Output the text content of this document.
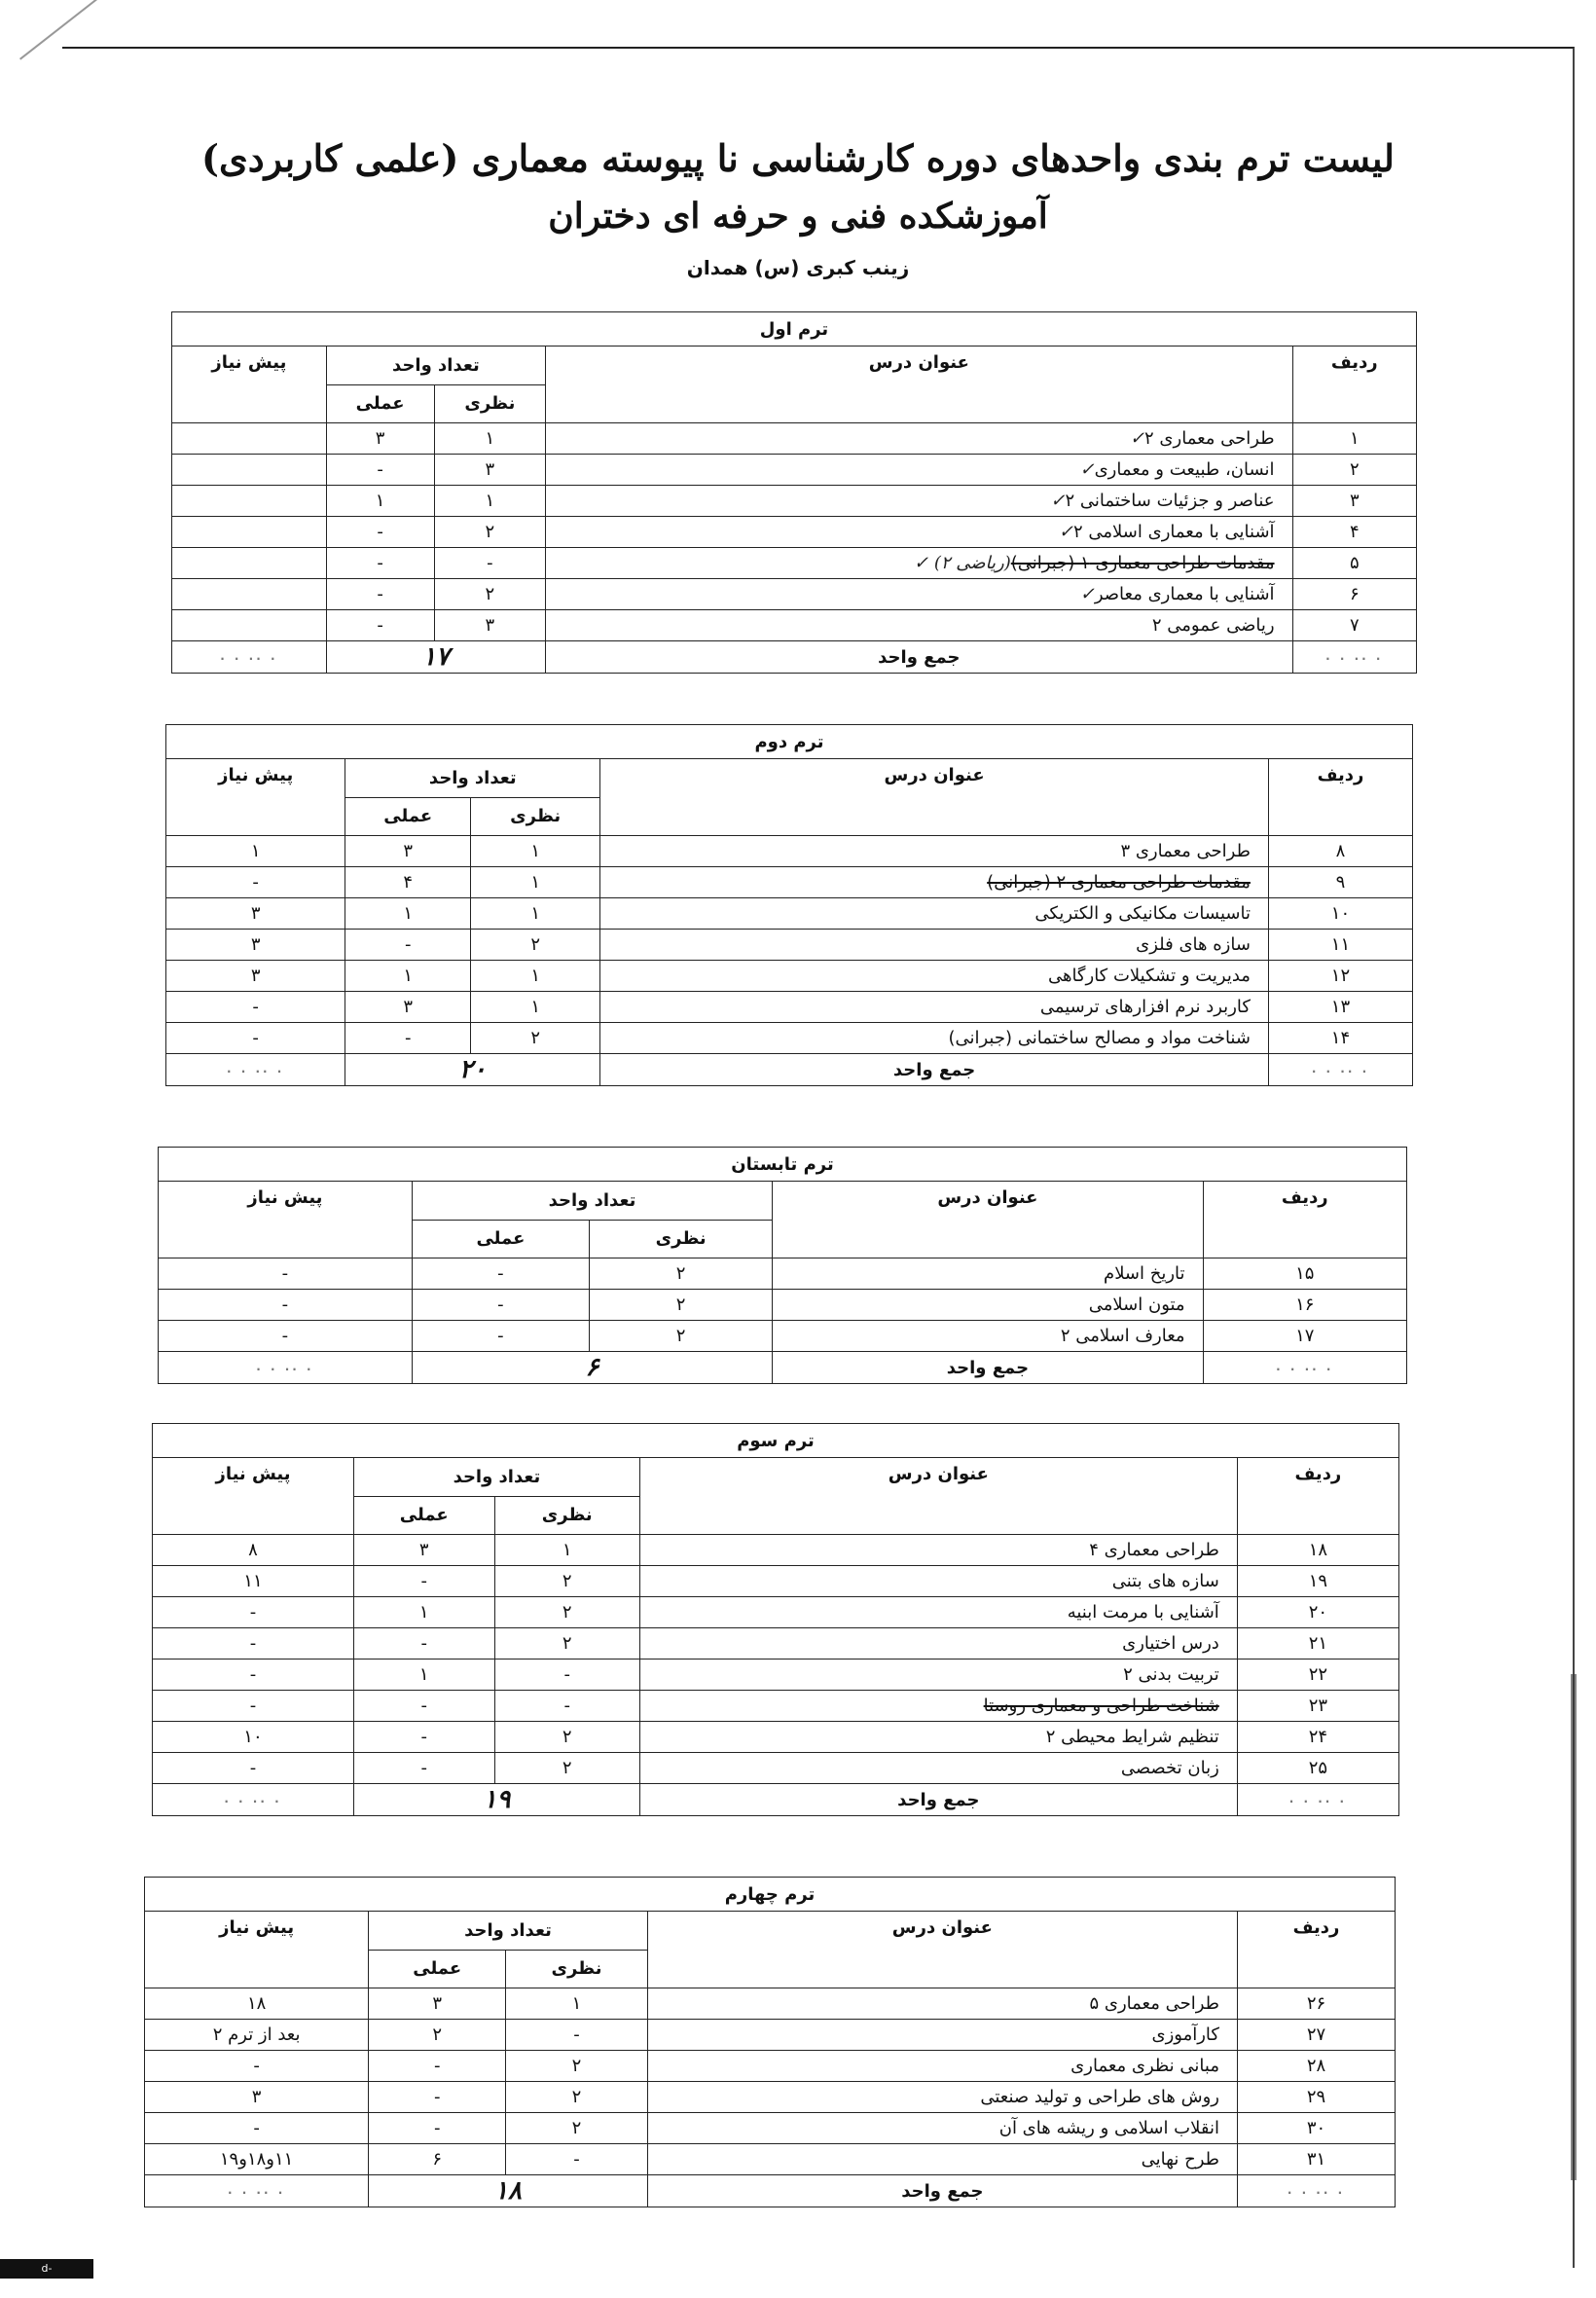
لیست ترم بندی واحدهای دوره کارشناسی نا پیوسته معماری (علمی کاربردی)

آموزشکده فنی و حرفه ای دختران

زینب کبری (س) همدان

ترم اول				
ردیف	عنوان درس	تعداد واحد		پیش نیاز
		نظری	عملی	
۱	طراحی معماری ۲✓	۱	۳	
۲	انسان، طبیعت و معماری✓	۳	-	
۳	عناصر و جزئیات ساختمانی ۲✓	۱	۱	
۴	آشنایی با معماری اسلامی ۲✓	۲	-	
۵	مقدمات طراحی معماری ۱ (جبرانی)(ریاضی ۲) ✓	-	-	
۶	آشنایی با معماری معاصر✓	۲	-	
۷	ریاضی عمومی ۲	۳	-	
· ·· · ·	جمع واحد	۱۷		· ·· · ·
ترم دوم				
ردیف	عنوان درس	تعداد واحد		پیش نیاز
		نظری	عملی	
۸	طراحی معماری ۳	۱	۳	۱
۹	مقدمات طراحی معماری ۲ (جبرانی)	۱	۴	-
۱۰	تاسیسات مکانیکی و الکتریکی	۱	۱	۳
۱۱	سازه های فلزی	۲	-	۳
۱۲	مدیریت و تشکیلات کارگاهی	۱	۱	۳
۱۳	کاربرد نرم افزارهای ترسیمی	۱	۳	-
۱۴	شناخت مواد و مصالح ساختمانی (جبرانی)	۲	-	-
· ·· · ·	جمع واحد	۲۰		· ·· · ·
ترم تابستان				
ردیف	عنوان درس	تعداد واحد		پیش نیاز
		نظری	عملی	
۱۵	تاریخ اسلام	۲	-	-
۱۶	متون اسلامی	۲	-	-
۱۷	معارف اسلامی ۲	۲	-	-
· ·· · ·	جمع واحد	۶		· ·· · ·
ترم سوم				
ردیف	عنوان درس	تعداد واحد		پیش نیاز
		نظری	عملی	
۱۸	طراحی معماری ۴	۱	۳	۸
۱۹	سازه های بتنی	۲	-	۱۱
۲۰	آشنایی با مرمت ابنیه	۲	۱	-
۲۱	درس اختیاری	۲	-	-
۲۲	تربیت بدنی ۲	-	۱	-
۲۳	شناخت طراحی و معماری روستا	-	-	-
۲۴	تنظیم شرایط محیطی ۲	۲	-	۱۰
۲۵	زبان تخصصی	۲	-	-
· ·· · ·	جمع واحد	۱۹		· ·· · ·
ترم چهارم				
ردیف	عنوان درس	تعداد واحد		پیش نیاز
		نظری	عملی	
۲۶	طراحی معماری ۵	۱	۳	۱۸
۲۷	کارآموزی	-	۲	بعد از ترم ۲
۲۸	مبانی نظری معماری	۲	-	-
۲۹	روش های طراحی و تولید صنعتی	۲	-	۳
۳۰	انقلاب اسلامی و ریشه های آن	۲	-	-
۳۱	طرح نهایی	-	۶	۱۱و۱۸و۱۹
· ·· · ·	جمع واحد	۱۸		· ·· · ·
d-hamedan.tvu.ac.ir
